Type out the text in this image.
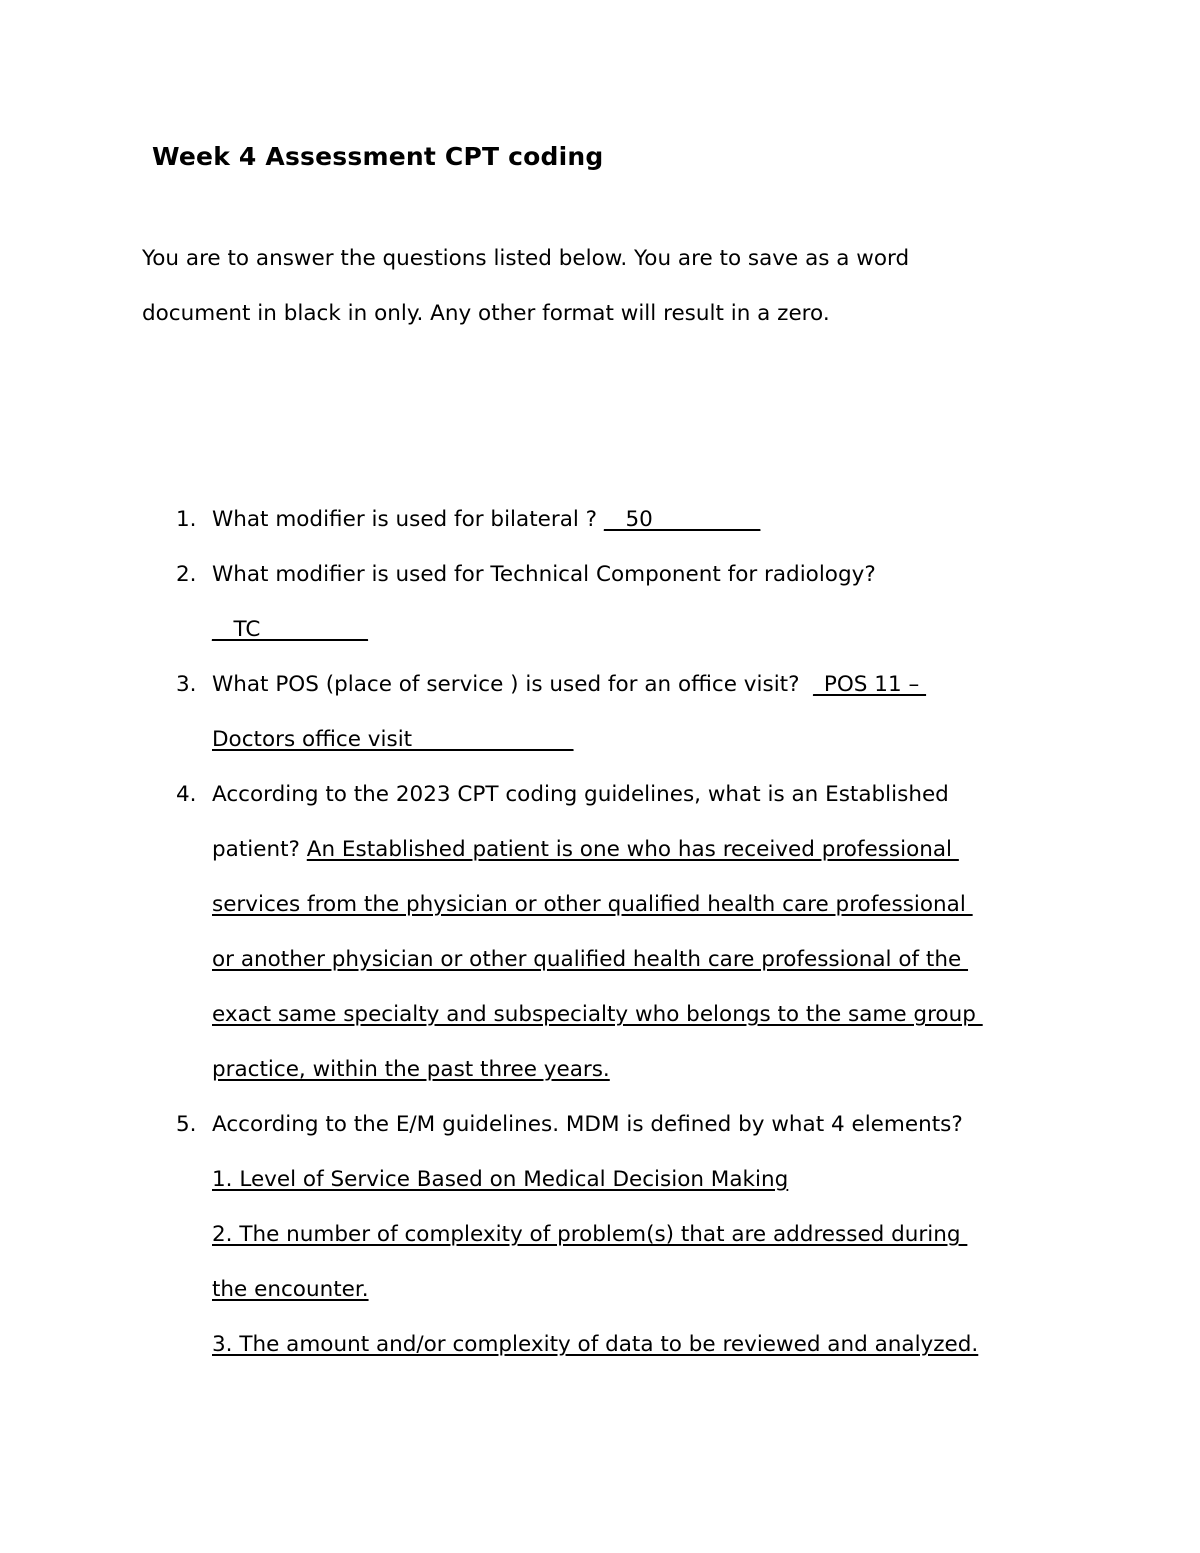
Week 4 Assessment CPT coding
You are to answer the questions listed below. You are to save as a word
document in black in only. Any other format will result in a zero.
1. What modifier is used for bilateral ? __50__________
2. What modifier is used for Technical Component for radiology?
__TC__________
3. What POS (place of service ) is used for an office visit?  _POS 11 –
Doctors office visit_______________
4. According to the 2023 CPT coding guidelines, what is an Established
patient? An Established patient is one who has received professional
services from the physician or other qualified health care professional
or another physician or other qualified health care professional of the
exact same specialty and subspecialty who belongs to the same group
practice, within the past three years.
5. According to the E/M guidelines. MDM is defined by what 4 elements?
1. Level of Service Based on Medical Decision Making
2. The number of complexity of problem(s) that are addressed during
the encounter.
3. The amount and/or complexity of data to be reviewed and analyzed.
